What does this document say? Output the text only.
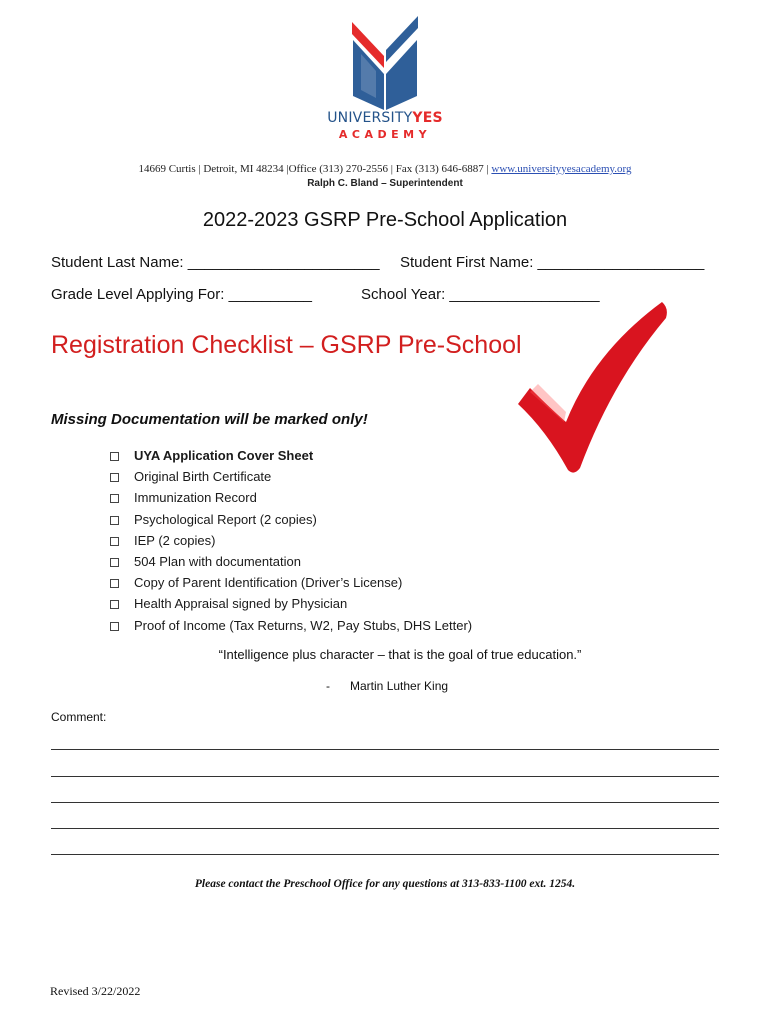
UNIVERSITYYES
ACADEMY
14669 Curtis | Detroit, MI 48234 |Office (313) 270-2556 | Fax (313) 646-6887 | www.universityyesacademy.org
Ralph C. Bland – Superintendent
2022-2023 GSRP Pre-School Application
Student Last Name: _______________________ Student First Name: ____________________
Grade Level Applying For: __________	School Year: __________________
Registration Checklist – GSRP Pre-School
Missing Documentation will be marked only!
UYA Application Cover Sheet
Original Birth Certificate
Immunization Record
Psychological Report (2 copies)
IEP (2 copies)
504 Plan with documentation
Copy of Parent Identification (Driver’s License)
Health Appraisal signed by Physician
Proof of Income (Tax Returns, W2, Pay Stubs, DHS Letter)
“Intelligence plus character – that is the goal of true education.”
- Martin Luther King
Comment:
Please contact the Preschool Office for any questions at 313-833-1100 ext. 1254.
Revised 3/22/2022
